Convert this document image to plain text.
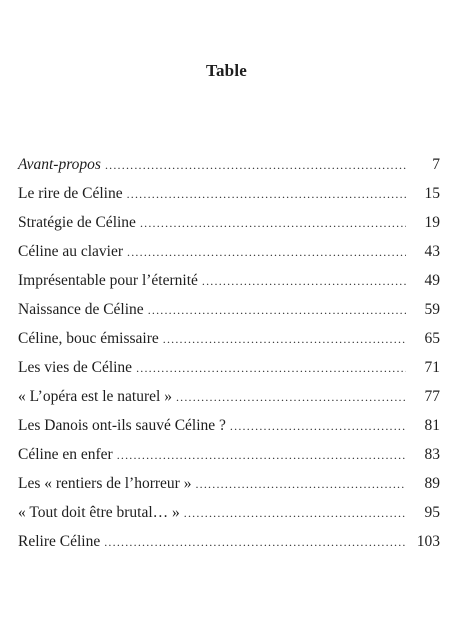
Table
Avant-propos .....	7
Le rire de Céline .....	15
Stratégie de Céline .....	19
Céline au clavier .....	43
Imprésentable pour l’éternité .....	49
Naissance de Céline .....	59
Céline, bouc émissaire .....	65
Les vies de Céline .....	71
« L’opéra est le naturel » .....	77
Les Danois ont-ils sauvé Céline ? .....	81
Céline en enfer .....	83
Les « rentiers de l’horreur » .....	89
« Tout doit être brutal… » .....	95
Relire Céline .....	103
